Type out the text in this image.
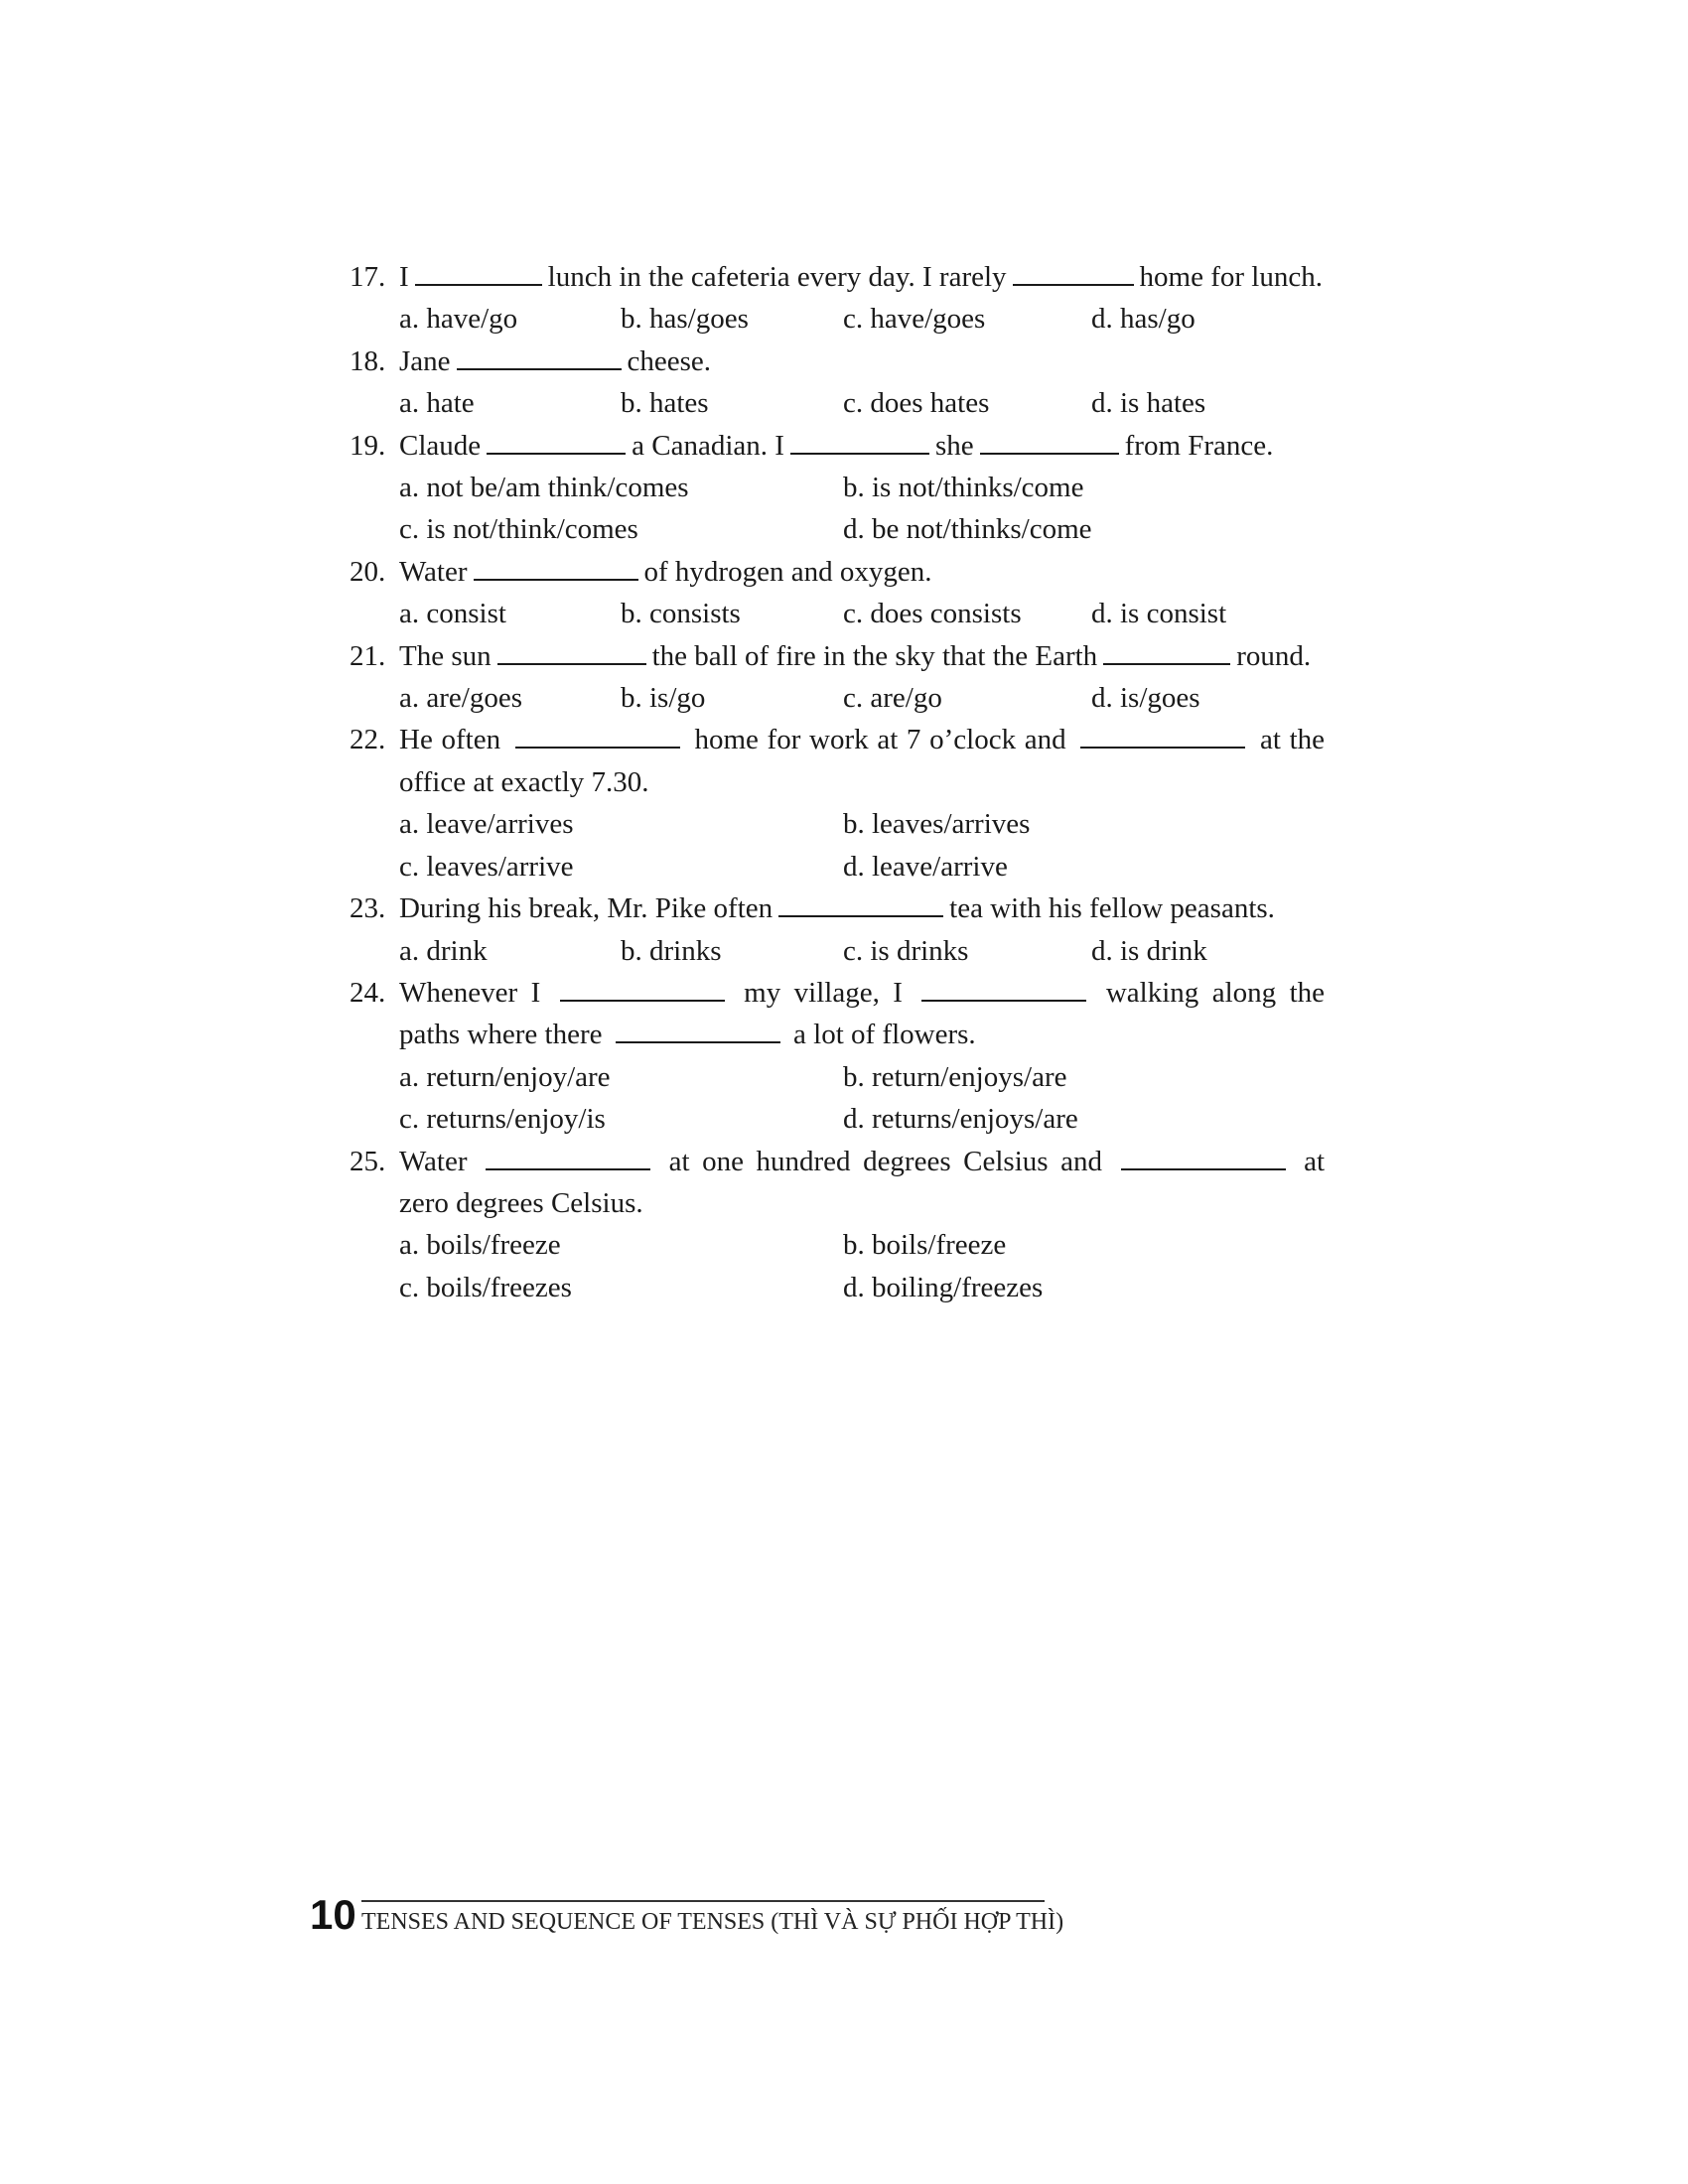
17. I	lunch in the cafeteria every day. I rarely	home for lunch.
a. have/go	b. has/goes	c. have/goes	d. has/go
18. Jane	cheese.
a. hate	b. hates	c. does hates	d. is hates
19. Claude	a Canadian. I	she	from France.
a. not be/am think/comes	b. is not/thinks/come
c. is not/think/comes	d. be not/thinks/come
20. Water	of hydrogen and oxygen.
a. consist	b. consists	c. does consists	d. is consist
21. The sun	the ball of fire in the sky that the Earth	round.
a. are/goes	b. is/go	c. are/go	d. is/goes
22. He often	home for work at 7 o’clock and	at the office at exactly 7.30.
a. leave/arrives	b. leaves/arrives
c. leaves/arrive	d. leave/arrive
23. During his break, Mr. Pike often	tea with his fellow peasants.
a. drink	b. drinks	c. is drinks	d. is drink
24. Whenever I	my village, I	walking along the paths where there	a lot of flowers.
a. return/enjoy/are	b. return/enjoys/are
c. returns/enjoy/is	d. returns/enjoys/are
25. Water	at one hundred degrees Celsius and	at zero degrees Celsius.
a. boils/freeze	b. boils/freeze
c. boils/freezes	d. boiling/freezes
10 TENSES AND SEQUENCE OF TENSES (THÌ VÀ SỰ PHỐI HỢP THÌ)
